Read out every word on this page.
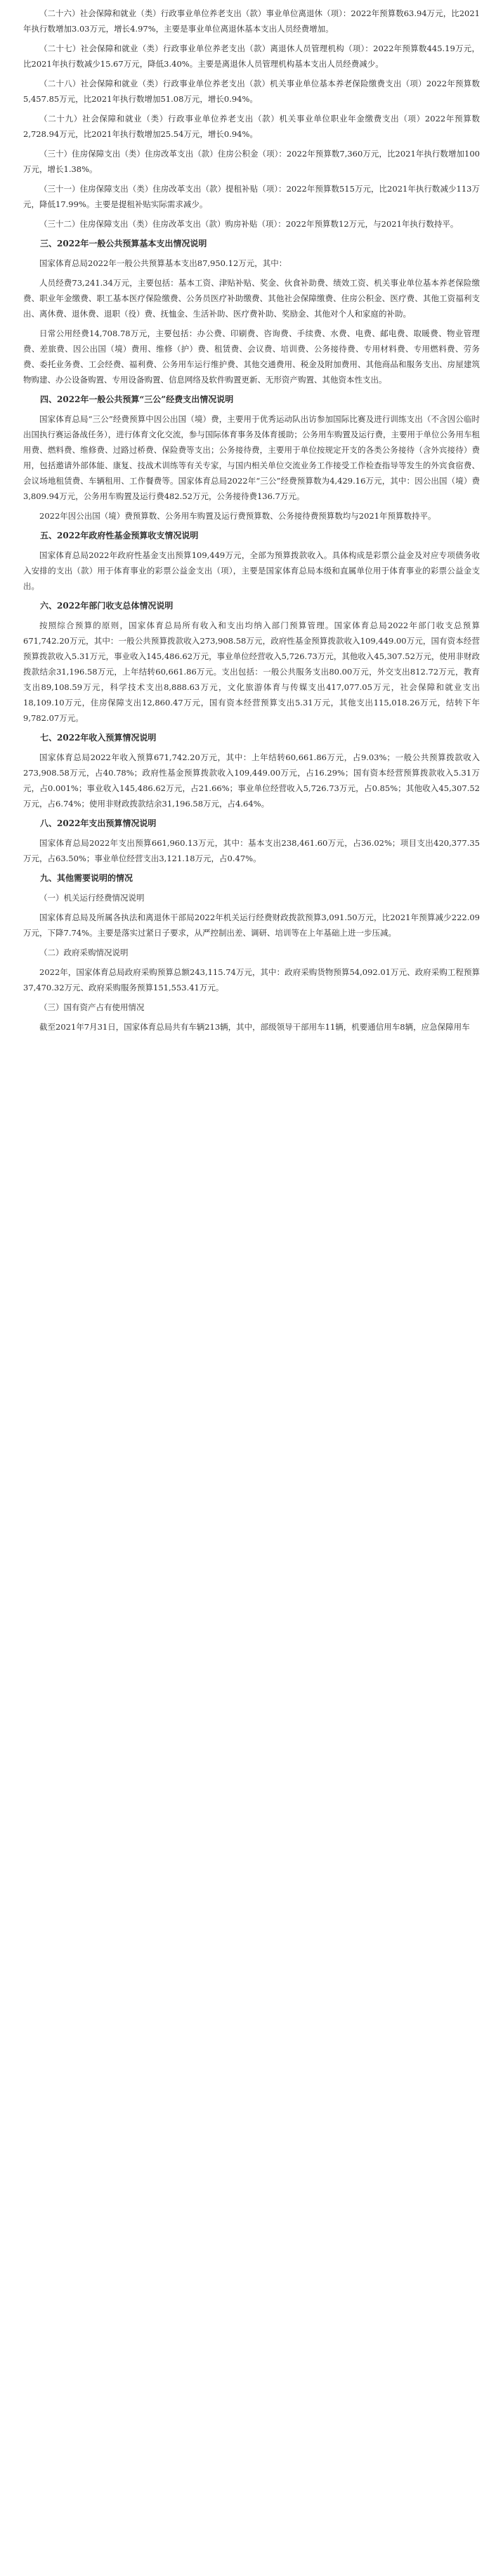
（二十六）社会保障和就业（类）行政事业单位养老支出（款）事业单位离退休（项）：2022年预算数63.94万元，比2021年执行数增加3.03万元，增长4.97%，主要是事业单位离退休基本支出人员经费增加。

（二十七）社会保障和就业（类）行政事业单位养老支出（款）离退休人员管理机构（项）：2022年预算数445.19万元，比2021年执行数减少15.67万元，降低3.40%。主要是离退休人员管理机构基本支出人员经费减少。

（二十八）社会保障和就业（类）行政事业单位养老支出（款）机关事业单位基本养老保险缴费支出（项）2022年预算数5,457.85万元，比2021年执行数增加51.08万元，增长0.94%。

（二十九）社会保障和就业（类）行政事业单位养老支出（款）机关事业单位职业年金缴费支出（项）2022年预算数2,728.94万元，比2021年执行数增加25.54万元，增长0.94%。

（三十）住房保障支出（类）住房改革支出（款）住房公积金（项）：2022年预算数7,360万元，比2021年执行数增加100万元，增长1.38%。

（三十一）住房保障支出（类）住房改革支出（款）提租补贴（项）：2022年预算数515万元，比2021年执行数减少113万元，降低17.99%。主要是提租补贴实际需求减少。

（三十二）住房保障支出（类）住房改革支出（款）购房补贴（项）：2022年预算数12万元，与2021年执行数持平。

三、2022年一般公共预算基本支出情况说明

国家体育总局2022年一般公共预算基本支出87,950.12万元，其中：

人员经费73,241.34万元，主要包括：基本工资、津贴补贴、奖金、伙食补助费、绩效工资、机关事业单位基本养老保险缴费、职业年金缴费、职工基本医疗保险缴费、公务员医疗补助缴费、其他社会保障缴费、住房公积金、医疗费、其他工资福利支出、离休费、退休费、退职（役）费、抚恤金、生活补助、医疗费补助、奖励金、其他对个人和家庭的补助。

日常公用经费14,708.78万元，主要包括：办公费、印刷费、咨询费、手续费、水费、电费、邮电费、取暖费、物业管理费、差旅费、因公出国（境）费用、维修（护）费、租赁费、会议费、培训费、公务接待费、专用材料费、专用燃料费、劳务费、委托业务费、工会经费、福利费、公务用车运行维护费、其他交通费用、税金及附加费用、其他商品和服务支出、房屋建筑物购建、办公设备购置、专用设备购置、信息网络及软件购置更新、无形资产购置、其他资本性支出。

四、2022年一般公共预算“三公”经费支出情况说明

国家体育总局“三公”经费预算中因公出国（境）费，主要用于优秀运动队出访参加国际比赛及进行训练支出（不含因公临时出国执行赛运备战任务），进行体育文化交流，参与国际体育事务及体育援助；公务用车购置及运行费，主要用于单位公务用车租用费、燃料费、维修费、过路过桥费、保险费等支出；公务接待费，主要用于单位按规定开支的各类公务接待（含外宾接待）费用，包括邀请外部体能、康复、技战术训练等有关专家，与国内相关单位交流业务工作接受工作检查指导等发生的外宾食宿费、会议场地租赁费、车辆租用、工作餐费等。国家体育总局2022年“三公”经费预算数为4,429.16万元，其中：因公出国（境）费3,809.94万元，公务用车购置及运行费482.52万元，公务接待费136.7万元。

2022年因公出国（境）费预算数、公务用车购置及运行费预算数、公务接待费预算数均与2021年预算数持平。

五、2022年政府性基金预算收支情况说明

国家体育总局2022年政府性基金支出预算109,449万元，全部为预算拨款收入。具体构成是彩票公益金及对应专项债务收入安排的支出（款）用于体育事业的彩票公益金支出（项），主要是国家体育总局本级和直属单位用于体育事业的彩票公益金支出。

六、2022年部门收支总体情况说明

按照综合预算的原则，国家体育总局所有收入和支出均纳入部门预算管理。国家体育总局2022年部门收支总预算671,742.20万元，其中：一般公共预算拨款收入273,908.58万元，政府性基金预算拨款收入109,449.00万元，国有资本经营预算拨款收入5.31万元，事业收入145,486.62万元，事业单位经营收入5,726.73万元，其他收入45,307.52万元，使用非财政拨款结余31,196.58万元，上年结转60,661.86万元。支出包括：一般公共服务支出80.00万元，外交支出812.72万元，教育支出89,108.59万元，科学技术支出8,888.63万元，文化旅游体育与传媒支出417,077.05万元，社会保障和就业支出18,109.10万元，住房保障支出12,860.47万元，国有资本经营预算支出5.31万元，其他支出115,018.26万元，结转下年9,782.07万元。

七、2022年收入预算情况说明

国家体育总局2022年收入预算671,742.20万元，其中：上年结转60,661.86万元，占9.03%；一般公共预算拨款收入273,908.58万元，占40.78%；政府性基金预算拨款收入109,449.00万元，占16.29%；国有资本经营预算拨款收入5.31万元，占0.001%；事业收入145,486.62万元，占21.66%；事业单位经营收入5,726.73万元，占0.85%；其他收入45,307.52万元，占6.74%；使用非财政拨款结余31,196.58万元，占4.64%。

八、2022年支出预算情况说明

国家体育总局2022年支出预算661,960.13万元，其中：基本支出238,461.60万元，占36.02%；项目支出420,377.35万元，占63.50%；事业单位经营支出3,121.18万元，占0.47%。

九、其他需要说明的情况

（一）机关运行经费情况说明

国家体育总局及所属各执法和离退休干部局2022年机关运行经费财政拨款预算3,091.50万元，比2021年预算减少222.09万元，下降7.74%。主要是落实过紧日子要求，从严控制出差、调研、培训等在上年基础上进一步压减。

（二）政府采购情况说明

2022年，国家体育总局政府采购预算总额243,115.74万元，其中：政府采购货物预算54,092.01万元、政府采购工程预算37,470.32万元、政府采购服务预算151,553.41万元。

（三）国有资产占有使用情况

截至2021年7月31日，国家体育总局共有车辆213辆，其中，部级领导干部用车11辆，机要通信用车8辆，应急保障用车
